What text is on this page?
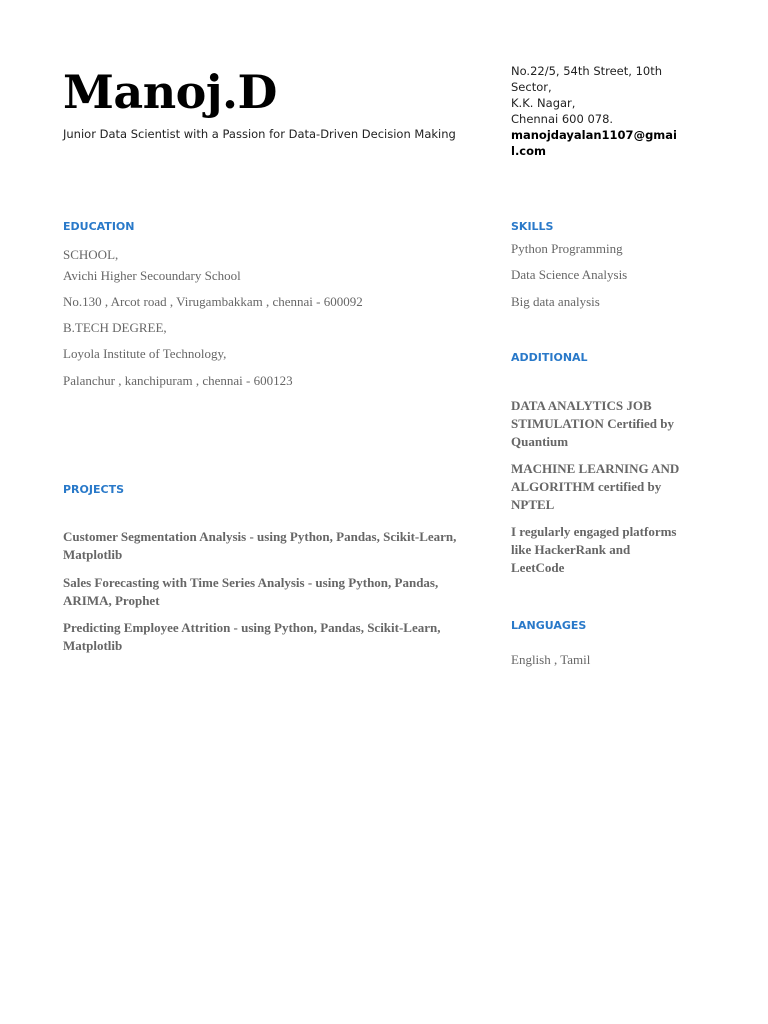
Manoj.D
Junior Data Scientist with a Passion for Data-Driven Decision Making
No.22/5, 54th Street, 10th
Sector,
K.K. Nagar,
Chennai 600 078.
manojdayalan1107@gmail.com
EDUCATION
SCHOOL,
Avichi Higher Secoundary School
No.130 , Arcot road , Virugambakkam , chennai - 600092
B.TECH DEGREE,
Loyola Institute of Technology,
Palanchur , kanchipuram , chennai - 600123
PROJECTS
Customer Segmentation Analysis - using Python, Pandas, Scikit-Learn, Matplotlib
Sales Forecasting with Time Series Analysis - using Python, Pandas, ARIMA, Prophet
Predicting Employee Attrition - using Python, Pandas, Scikit-Learn, Matplotlib
SKILLS
Python Programming
Data Science Analysis
Big data analysis
ADDITIONAL
DATA ANALYTICS JOB STIMULATION Certified by Quantium
MACHINE LEARNING AND ALGORITHM certified by NPTEL
I regularly engaged platforms like HackerRank and LeetCode
LANGUAGES
English , Tamil
